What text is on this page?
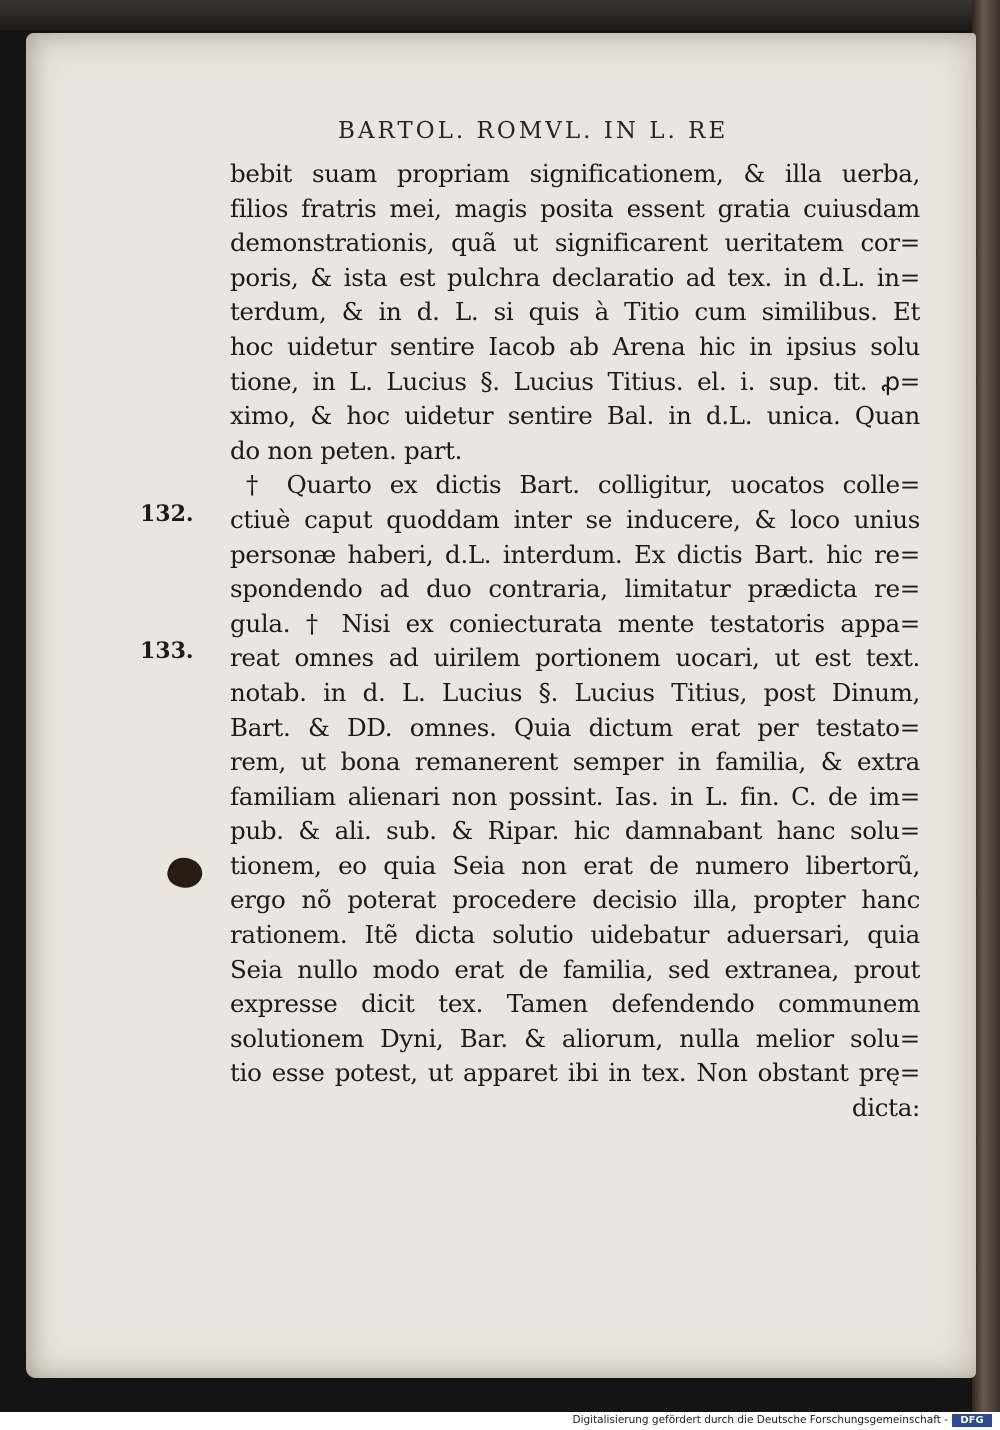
BARTOL. ROMVL. IN L. RE
132.
133.
bebit suam propriam significationem, & illa uerba,
filios fratris mei, magis posita essent gratia cuiusdam
demonstrationis, quã ut significarent ueritatem cor=
poris, & ista est pulchra declaratio ad tex. in d.L. in=
terdum, & in d. L. si quis à Titio cum similibus. Et
hoc uidetur sentire Iacob ab Arena hic in ipsius solu
tione, in L. Lucius §. Lucius Titius. el. i. sup. tit. ꝓ=
ximo, & hoc uidetur sentire Bal. in d.L. unica. Quan
do non peten. part.
† Quarto ex dictis Bart. colligitur, uocatos colle=
ctiuè caput quoddam inter se inducere, & loco unius
personæ haberi, d.L. interdum. Ex dictis Bart. hic re=
spondendo ad duo contraria, limitatur prædicta re=
gula. † Nisi ex coniecturata mente testatoris appa=
reat omnes ad uirilem portionem uocari, ut est text.
notab. in d. L. Lucius §. Lucius Titius, post Dinum,
Bart. & DD. omnes. Quia dictum erat per testato=
rem, ut bona remanerent semper in familia, & extra
familiam alienari non possint. Ias. in L. fin. C. de im=
pub. & ali. sub. & Ripar. hic damnabant hanc solu=
tionem, eo quia Seia non erat de numero libertorũ,
ergo nõ poterat procedere decisio illa, propter hanc
rationem. Itẽ dicta solutio uidebatur aduersari, quia
Seia nullo modo erat de familia, sed extranea, prout
expresse dicit tex. Tamen defendendo communem
solutionem Dyni, Bar. & aliorum, nulla melior solu=
tio esse potest, ut apparet ibi in tex. Non obstant prę=
dicta:
Digitalisierung gefördert durch die Deutsche Forschungsgemeinschaft -	DFG
